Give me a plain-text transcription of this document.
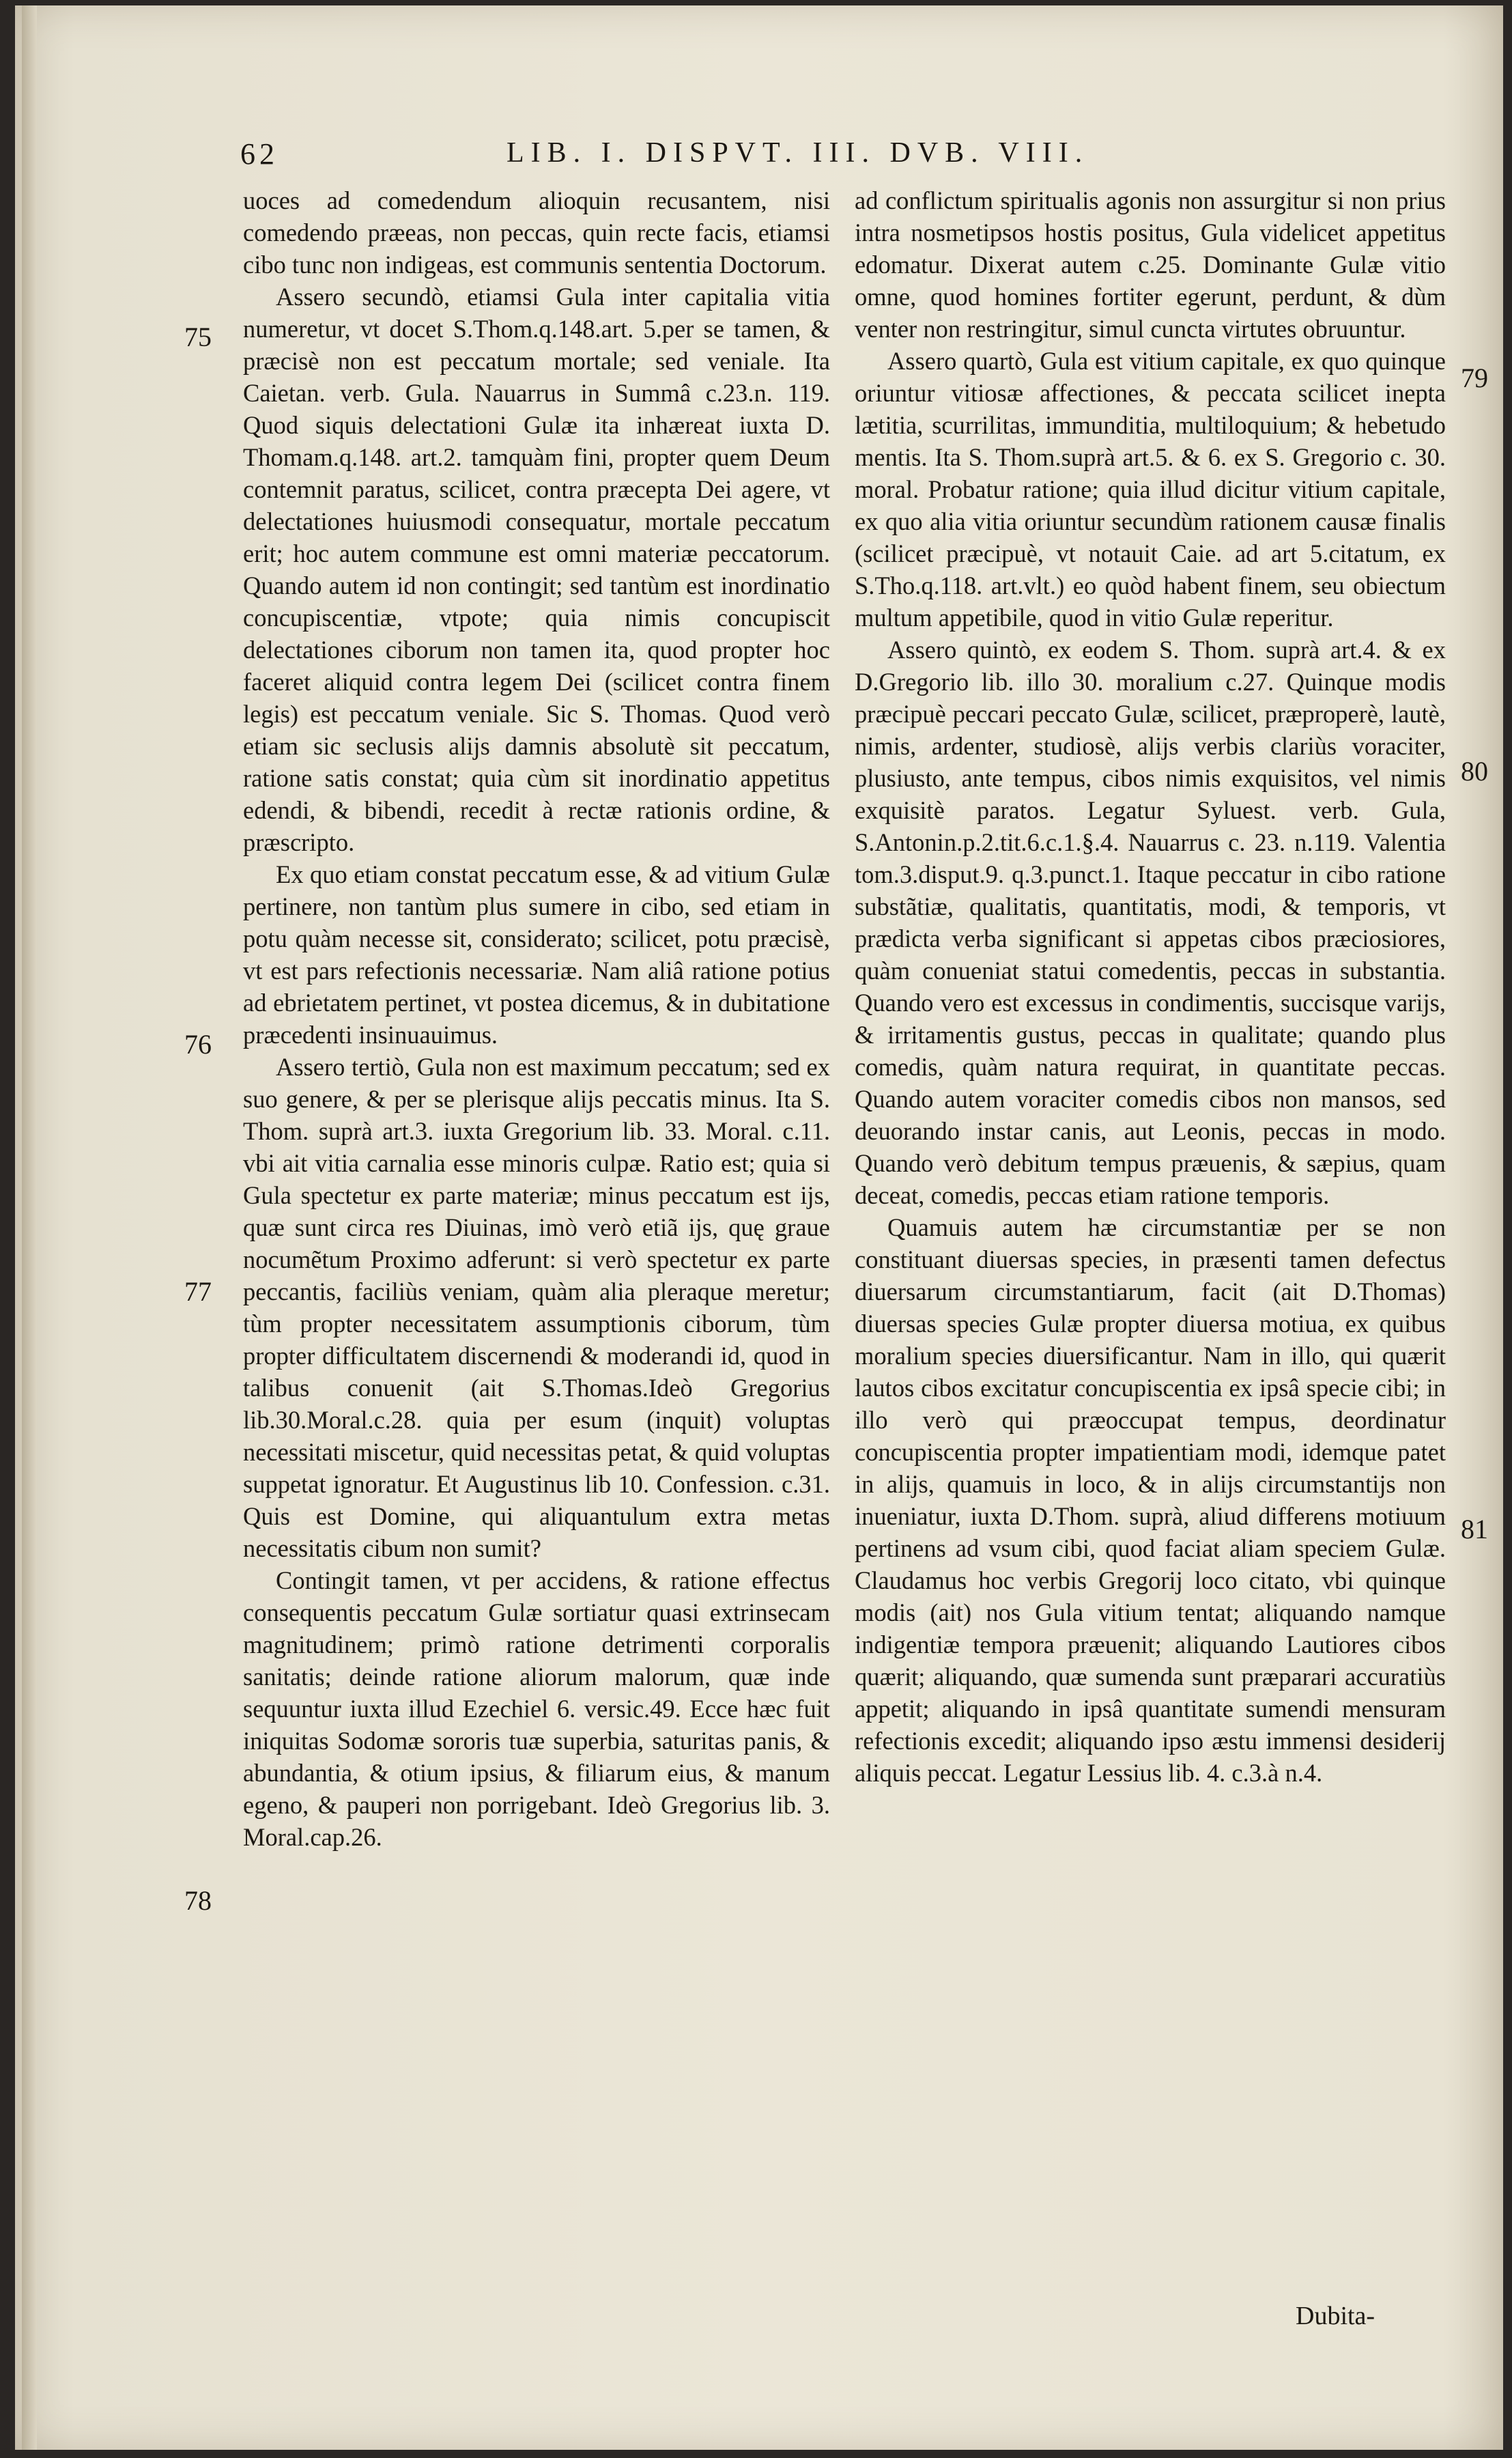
62	LIB. I. DISPVT. III. DVB. VIII.

uoces ad comedendum alioquin recusantem, nisi comedendo præeas, non peccas, quin recte facis, etiamsi cibo tunc non indigeas, est communis sententia Doctorum.

Assero secundò, etiamsi Gula inter capitalia vitia numeretur, vt docet S.Thom.q.148.art. 5.per se tamen, & præcisè non est peccatum mortale; sed veniale. Ita Caietan. verb. Gula. Nauarrus in Summâ c.23.n. 119. Quod siquis delectationi Gulæ ita inhæreat iuxta D. Thomam.q.148. art.2. tamquàm fini, propter quem Deum contemnit paratus, scilicet, contra præcepta Dei agere, vt delectationes huiusmodi consequatur, mortale peccatum erit; hoc autem commune est omni materiæ peccatorum. Quando autem id non contingit; sed tantùm est inordinatio concupiscentiæ, vtpote; quia nimis concupiscit delectationes ciborum non tamen ita, quod propter hoc faceret aliquid contra legem Dei (scilicet contra finem legis) est peccatum veniale. Sic S. Thomas. Quod verò etiam sic seclusis alijs damnis absolutè sit peccatum, ratione satis constat; quia cùm sit inordinatio appetitus edendi, & bibendi, recedit à rectæ rationis ordine, & præscripto.

Ex quo etiam constat peccatum esse, & ad vitium Gulæ pertinere, non tantùm plus sumere in cibo, sed etiam in potu quàm necesse sit, considerato; scilicet, potu præcisè, vt est pars refectionis necessariæ. Nam aliâ ratione potius ad ebrietatem pertinet, vt postea dicemus, & in dubitatione præcedenti insinuauimus.

Assero tertiò, Gula non est maximum peccatum; sed ex suo genere, & per se plerisque alijs peccatis minus. Ita S. Thom. suprà art.3. iuxta Gregorium lib. 33. Moral. c.11. vbi ait vitia carnalia esse minoris culpæ. Ratio est; quia si Gula spectetur ex parte materiæ; minus peccatum est ijs, quæ sunt circa res Diuinas, imò verò etiã ijs, quę graue nocumẽtum Proximo adferunt: si verò spectetur ex parte peccantis, faciliùs veniam, quàm alia pleraque meretur; tùm propter necessitatem assumptionis ciborum, tùm propter difficultatem discernendi & moderandi id, quod in talibus conuenit (ait S.Thomas.Ideò Gregorius lib.30.Moral.c.28. quia per esum (inquit) voluptas necessitati miscetur, quid necessitas petat, & quid voluptas suppetat ignoratur. Et Augustinus lib 10. Confession. c.31. Quis est Domine, qui aliquantulum extra metas necessitatis cibum non sumit?

Contingit tamen, vt per accidens, & ratione effectus consequentis peccatum Gulæ sortiatur quasi extrinsecam magnitudinem; primò ratione detrimenti corporalis sanitatis; deinde ratione aliorum malorum, quæ inde sequuntur iuxta illud Ezechiel 6. versic.49. Ecce hæc fuit iniquitas Sodomæ sororis tuæ superbia, saturitas panis, & abundantia, & otium ipsius, & filiarum eius, & manum egeno, & pauperi non porrigebant. Ideò Gregorius lib. 3. Moral.cap.26.

ad conflictum spiritualis agonis non assurgitur si non prius intra nosmetipsos hostis positus, Gula videlicet appetitus edomatur. Dixerat autem c.25. Dominante Gulæ vitio omne, quod homines fortiter egerunt, perdunt, & dùm venter non restringitur, simul cuncta virtutes obruuntur.

Assero quartò, Gula est vitium capitale, ex quo quinque oriuntur vitiosæ affectiones, & peccata scilicet inepta lætitia, scurrilitas, immunditia, multiloquium; & hebetudo mentis. Ita S. Thom.suprà art.5. & 6. ex S. Gregorio c. 30. moral. Probatur ratione; quia illud dicitur vitium capitale, ex quo alia vitia oriuntur secundùm rationem causæ finalis (scilicet præcipuè, vt notauit Caie. ad art 5.citatum, ex S.Tho.q.118. art.vlt.) eo quòd habent finem, seu obiectum multum appetibile, quod in vitio Gulæ reperitur.

Assero quintò, ex eodem S. Thom. suprà art.4. & ex D.Gregorio lib. illo 30. moralium c.27. Quinque modis præcipuè peccari peccato Gulæ, scilicet, præproperè, lautè, nimis, ardenter, studiosè, alijs verbis clariùs voraciter, plusiusto, ante tempus, cibos nimis exquisitos, vel nimis exquisitè paratos. Legatur Syluest. verb. Gula, S.Antonin.p.2.tit.6.c.1.§.4. Nauarrus c. 23. n.119. Valentia tom.3.disput.9. q.3.punct.1. Itaque peccatur in cibo ratione substãtiæ, qualitatis, quantitatis, modi, & temporis, vt prædicta verba significant si appetas cibos præciosiores, quàm conueniat statui comedentis, peccas in substantia. Quando vero est excessus in condimentis, succisque varijs, & irritamentis gustus, peccas in qualitate; quando plus comedis, quàm natura requirat, in quantitate peccas. Quando autem voraciter comedis cibos non mansos, sed deuorando instar canis, aut Leonis, peccas in modo. Quando verò debitum tempus præuenis, & sæpius, quam deceat, comedis, peccas etiam ratione temporis.

Quamuis autem hæ circumstantiæ per se non constituant diuersas species, in præsenti tamen defectus diuersarum circumstantiarum, facit (ait D.Thomas) diuersas species Gulæ propter diuersa motiua, ex quibus moralium species diuersificantur. Nam in illo, qui quærit lautos cibos excitatur concupiscentia ex ipsâ specie cibi; in illo verò qui præoccupat tempus, deordinatur concupiscentia propter impatientiam modi, idemque patet in alijs, quamuis in loco, & in alijs circumstantijs non inueniatur, iuxta D.Thom. suprà, aliud differens motiuum pertinens ad vsum cibi, quod faciat aliam speciem Gulæ. Claudamus hoc verbis Gregorij loco citato, vbi quinque modis (ait) nos Gula vitium tentat; aliquando namque indigentiæ tempora præuenit; aliquando Lautiores cibos quærit; aliquando, quæ sumenda sunt præparari accuratiùs appetit; aliquando in ipsâ quantitate sumendi mensuram refectionis excedit; aliquando ipso æstu immensi desiderij aliquis peccat. Legatur Lessius lib. 4. c.3.à n.4.

75
76
77
78
79
80
81
Dubita-
